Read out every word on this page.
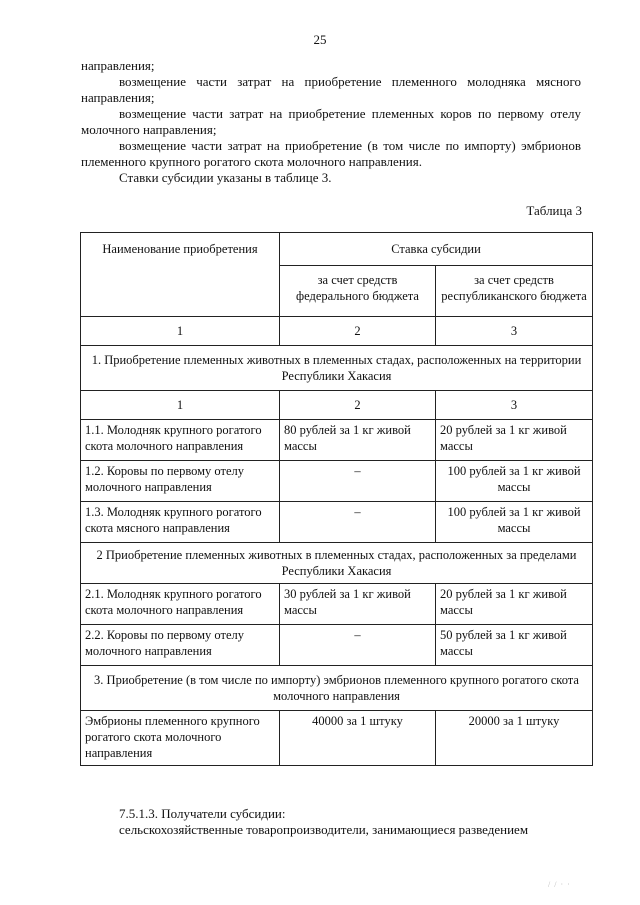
25

направления;

возмещение части затрат на приобретение племенного молодняка мясного направления;

возмещение части затрат на приобретение племенных коров по первому отелу молочного направления;

возмещение части затрат на приобретение (в том числе по импорту) эмбрионов племенного крупного рогатого скота молочного направления.

Ставки субсидии указаны в таблице 3.

Таблица 3
Наименование приобретения	Ставка субсидии	
	за счет средств федерального бюджета	за счет средств республиканского бюджета
1	2	3
1. Приобретение племенных животных в племенных стадах, расположенных на территории Республики Хакасия		
1	2	3
1.1. Молодняк крупного рогатого скота молочного направления	80 рублей за 1 кг живой массы	20 рублей за 1 кг живой массы
1.2. Коровы по первому отелу молочного направления	–	100 рублей за 1 кг живой массы
1.3. Молодняк крупного рогатого скота мясного направления	–	100 рублей за 1 кг живой массы
2 Приобретение племенных животных в племенных стадах, расположенных за пределами Республики Хакасия		
2.1. Молодняк крупного рогатого скота молочного направления	30 рублей за 1 кг живой массы	20 рублей за 1 кг живой массы
2.2. Коровы по первому отелу молочного направления	–	50 рублей за 1 кг живой массы
3. Приобретение (в том числе по импорту) эмбрионов племенного крупного рогатого скота молочного направления		
Эмбрионы племенного крупного рогатого скота молочного направления	40000 за 1 штуку	20000 за 1 штуку

7.5.1.3. Получатели субсидии:

сельскохозяйственные товаропроизводители, занимающиеся разведением

/ / · ·
